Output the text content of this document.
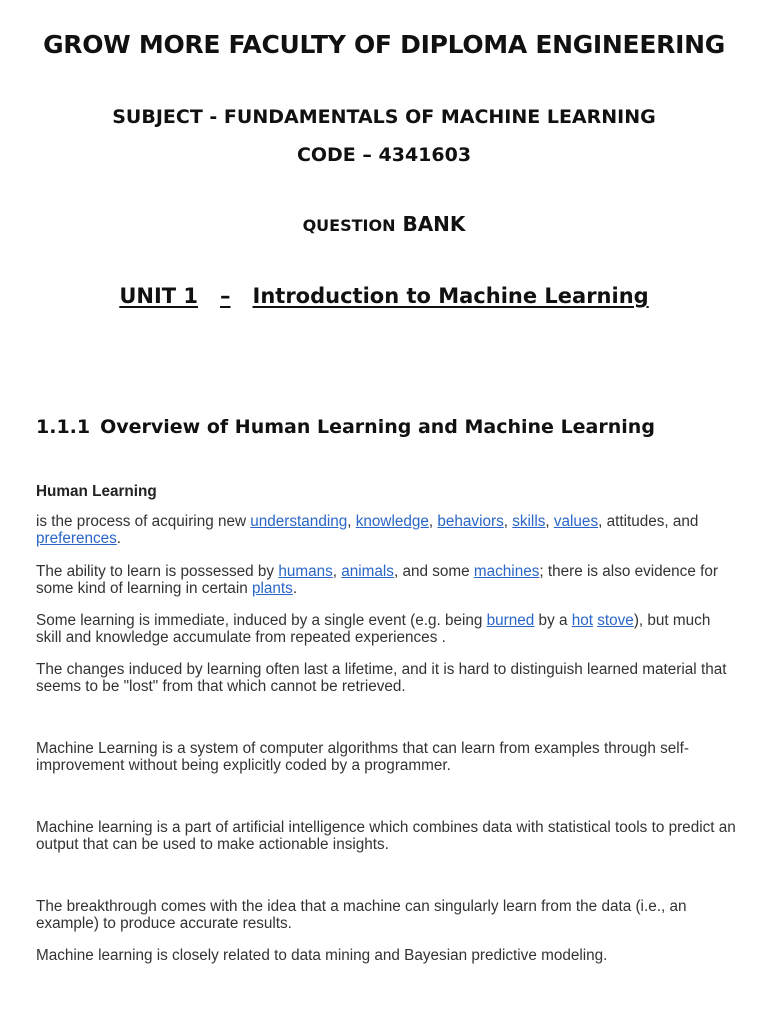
GROW MORE FACULTY OF DIPLOMA ENGINEERING
SUBJECT - FUNDAMENTALS OF MACHINE LEARNING
CODE – 4341603
QUESTION BANK
UNIT 1 – Introduction to Machine Learning
1.1.1 Overview of Human Learning and Machine Learning
Human Learning
is the process of acquiring new understanding, knowledge, behaviors, skills, values, attitudes, and preferences.
The ability to learn is possessed by humans, animals, and some machines; there is also evidence for some kind of learning in certain plants.
Some learning is immediate, induced by a single event (e.g. being burned by a hot stove), but much skill and knowledge accumulate from repeated experiences .
The changes induced by learning often last a lifetime, and it is hard to distinguish learned material that seems to be "lost" from that which cannot be retrieved.
Machine Learning is a system of computer algorithms that can learn from examples through self-improvement without being explicitly coded by a programmer.
Machine learning is a part of artificial intelligence which combines data with statistical tools to predict an output that can be used to make actionable insights.
The breakthrough comes with the idea that a machine can singularly learn from the data (i.e., an example) to produce accurate results.
Machine learning is closely related to data mining and Bayesian predictive modeling.
